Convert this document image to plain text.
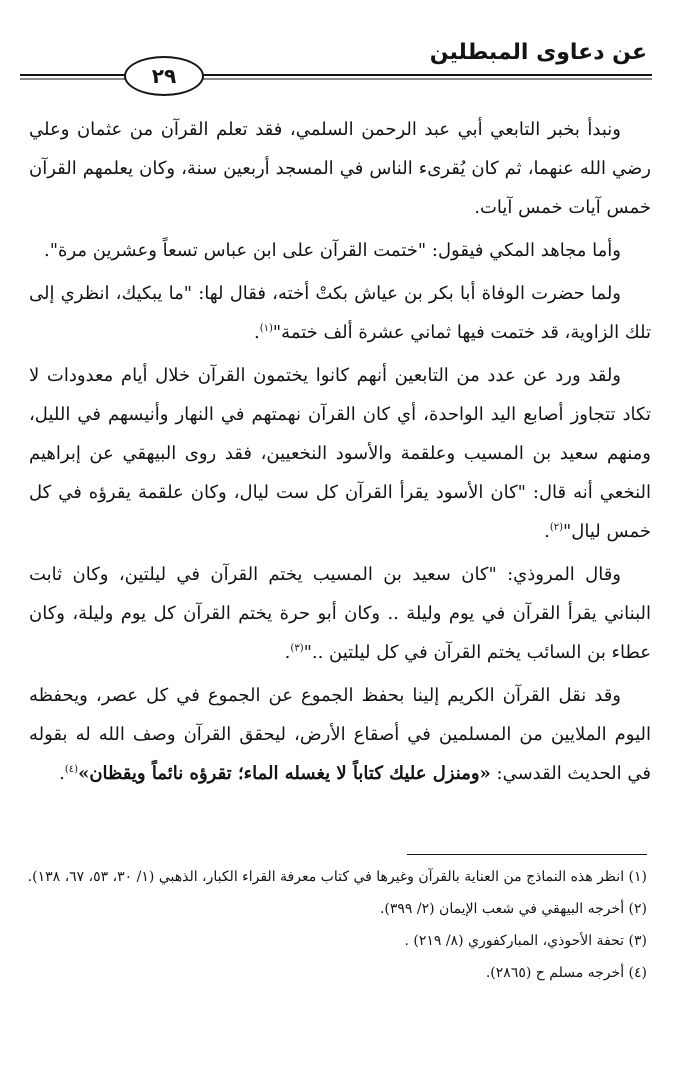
عن دعاوى المبطلين
٢٩

ونبدأ بخبر التابعي أبي عبد الرحمن السلمي، فقد تعلم القرآن من عثمان وعلي رضي الله عنهما، ثم كان يُقرىء الناس في المسجد أربعين سنة، وكان يعلمهم القرآن خمس آيات خمس آيات.

وأما مجاهد المكي فيقول: "ختمت القرآن على ابن عباس تسعاً وعشرين مرة".

ولما حضرت الوفاة أبا بكر بن عياش بكتْ أخته، فقال لها: "ما يبكيك، انظري إلى تلك الزاوية، قد ختمت فيها ثماني عشرة ألف ختمة"$^{(١)}$.

ولقد ورد عن عدد من التابعين أنهم كانوا يختمون القرآن خلال أيام معدودات لا تكاد تتجاوز أصابع اليد الواحدة، أي كان القرآن نهمتهم في النهار وأنيسهم في الليل، ومنهم سعيد بن المسيب وعلقمة والأسود النخعيين، فقد روى البيهقي عن إبراهيم النخعي أنه قال: "كان الأسود يقرأ القرآن كل ست ليال، وكان علقمة يقرؤه في كل خمس ليال"$^{(٢)}$.

وقال المروذي: "كان سعيد بن المسيب يختم القرآن في ليلتين، وكان ثابت البناني يقرأ القرآن في يوم وليلة .. وكان أبو حرة يختم القرآن كل يوم وليلة، وكان عطاء بن السائب يختم القرآن في كل ليلتين .."$^{(٣)}$.

وقد نقل القرآن الكريم إلينا بحفظ الجموع عن الجموع في كل عصر، ويحفظه اليوم الملايين من المسلمين في أصقاع الأرض، ليحقق القرآن وصف الله له بقوله في الحديث القدسي: «ومنزل عليك كتاباً لا يغسله الماء؛ تقرؤه نائماً ويقظان»$^{(٤)}$.

(١) انظر هذه النماذج من العناية بالقرآن وغيرها في كتاب معرفة القراء الكبار، الذهبي (١/ ٣٠، ٥٣، ٦٧، ١٣٨).

(٢) أخرجه البيهقي في شعب الإيمان (٢/ ٣٩٩).

(٣) تحفة الأحوذي، المباركفوري (٨/ ٢١٩) .

(٤) أخرجه مسلم ح (٢٨٦٥).
